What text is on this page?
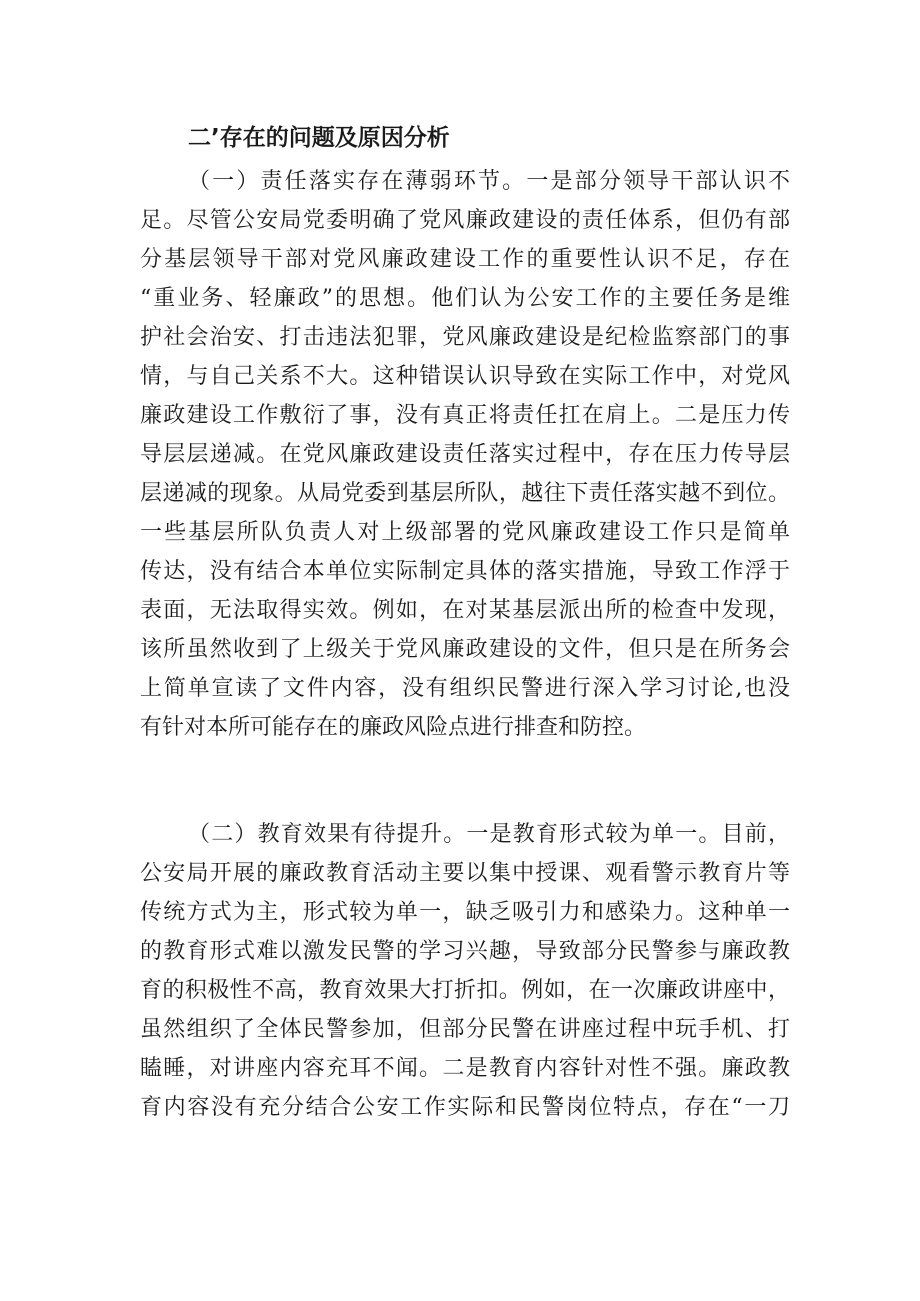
二’存在的问题及原因分析
（一）责任落实存在薄弱环节。一是部分领导干部认识不
足。尽管公安局党委明确了党风廉政建设的责任体系，但仍有部
分基层领导干部对党风廉政建设工作的重要性认识不足，存在
“重业务、轻廉政”的思想。他们认为公安工作的主要任务是维
护社会治安、打击违法犯罪，党风廉政建设是纪检监察部门的事
情，与自己关系不大。这种错误认识导致在实际工作中，对党风
廉政建设工作敷衍了事，没有真正将责任扛在肩上。二是压力传
导层层递减。在党风廉政建设责任落实过程中，存在压力传导层
层递减的现象。从局党委到基层所队，越往下责任落实越不到位。
一些基层所队负责人对上级部署的党风廉政建设工作只是简单
传达，没有结合本单位实际制定具体的落实措施，导致工作浮于
表面，无法取得实效。例如，在对某基层派出所的检查中发现，
该所虽然收到了上级关于党风廉政建设的文件，但只是在所务会
上简单宣读了文件内容，没有组织民警进行深入学习讨论,也没
有针对本所可能存在的廉政风险点进行排查和防控。
（二）教育效果有待提升。一是教育形式较为单一。目前，
公安局开展的廉政教育活动主要以集中授课、观看警示教育片等
传统方式为主，形式较为单一，缺乏吸引力和感染力。这种单一
的教育形式难以激发民警的学习兴趣，导致部分民警参与廉政教
育的积极性不高，教育效果大打折扣。例如，在一次廉政讲座中，
虽然组织了全体民警参加，但部分民警在讲座过程中玩手机、打
瞌睡，对讲座内容充耳不闻。二是教育内容针对性不强。廉政教
育内容没有充分结合公安工作实际和民警岗位特点，存在“一刀
